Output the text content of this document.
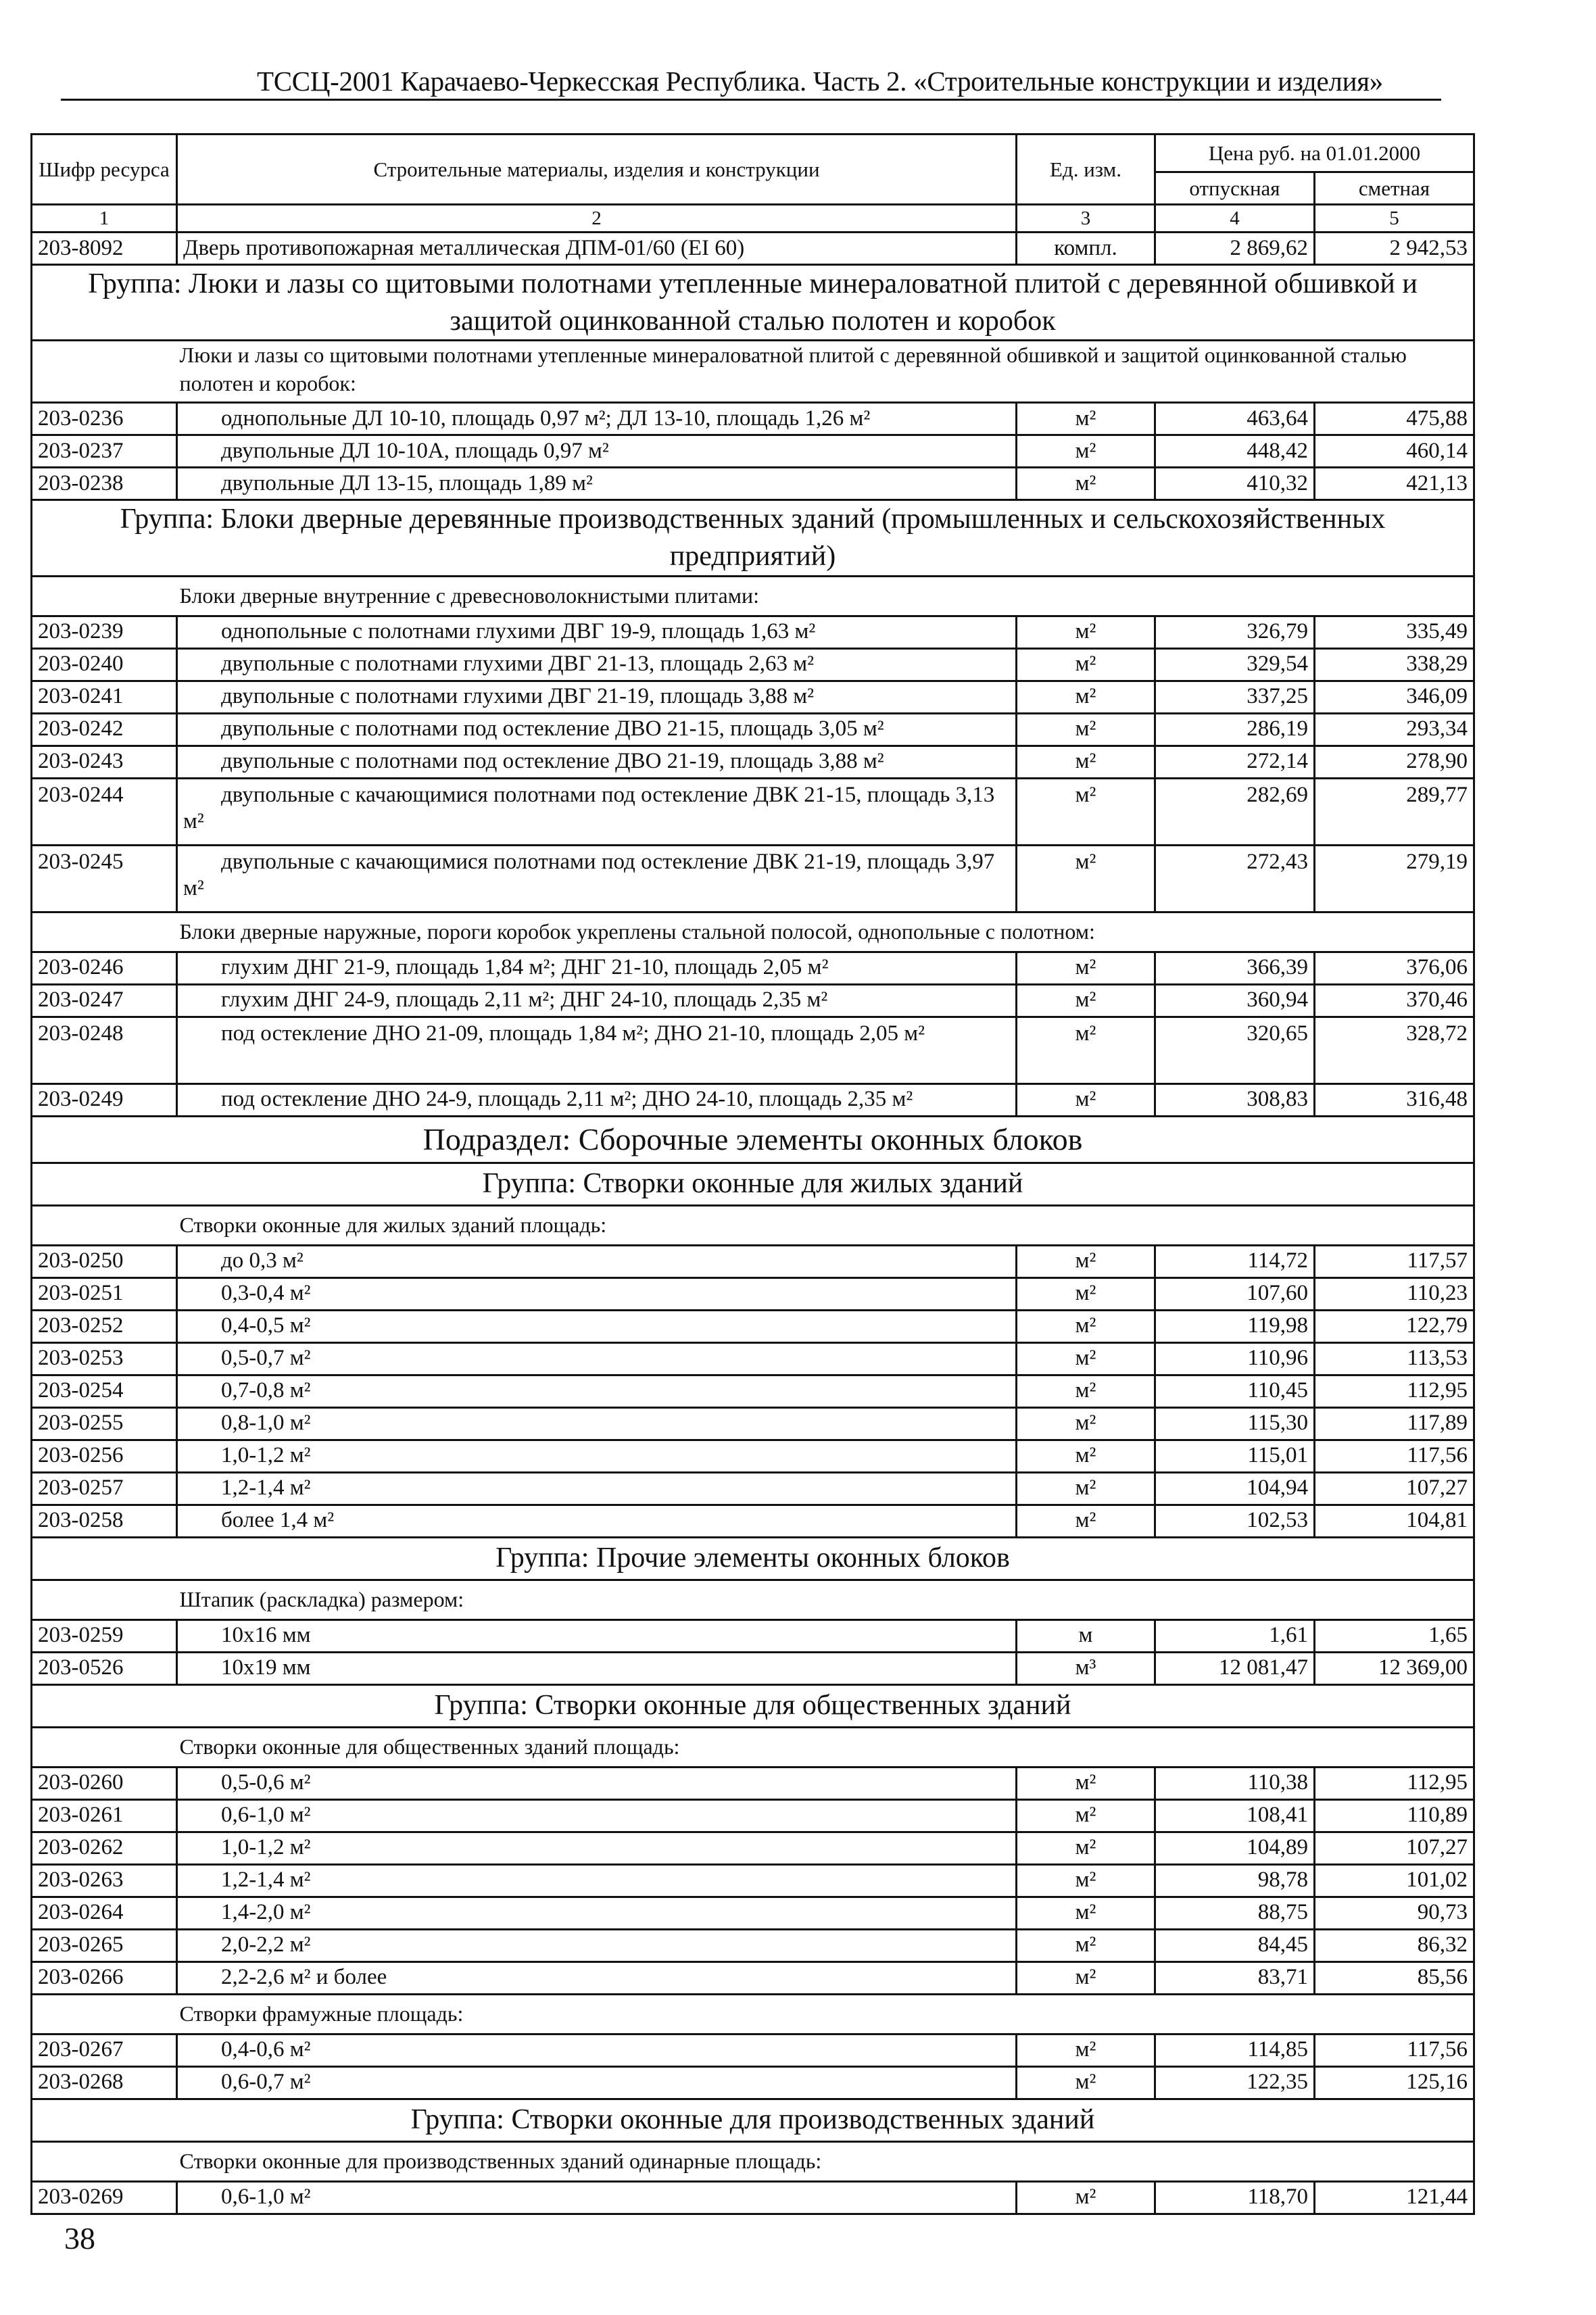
ТССЦ-2001 Карачаево-Черкесская Республика. Часть 2. «Строительные конструкции и изделия»
Шифр ресурса	Строительные материалы, изделия и конструкции	Ед. изм.	Цена руб. на 01.01.2000	
			отпускная	сметная
1	2	3	4	5
203-8092	Дверь противопожарная металлическая ДПМ-01/60 (EI 60)	компл.	2 869,62	2 942,53
Группа: Люки и лазы со щитовыми полотнами утепленные минераловатной плитой с деревянной обшивкой и защитой оцинкованной сталью полотен и коробок				
	Люки и лазы со щитовыми полотнами утепленные минераловатной плитой с деревянной обшивкой и защитой оцинкованной сталью полотен и коробок:			
203-0236	однопольные ДЛ 10-10, площадь 0,97 м²; ДЛ 13-10, площадь 1,26 м²	м²	463,64	475,88
203-0237	двупольные ДЛ 10-10А, площадь 0,97 м²	м²	448,42	460,14
203-0238	двупольные ДЛ 13-15, площадь 1,89 м²	м²	410,32	421,13
Группа: Блоки дверные деревянные производственных зданий (промышленных и сельскохозяйственных предприятий)				
	Блоки дверные внутренние с древесноволокнистыми плитами:			
203-0239	однопольные с полотнами глухими ДВГ 19-9, площадь 1,63 м²	м²	326,79	335,49
203-0240	двупольные с полотнами глухими ДВГ 21-13, площадь 2,63 м²	м²	329,54	338,29
203-0241	двупольные с полотнами глухими ДВГ 21-19, площадь 3,88 м²	м²	337,25	346,09
203-0242	двупольные с полотнами под остекление ДВО 21-15, площадь 3,05 м²	м²	286,19	293,34
203-0243	двупольные с полотнами под остекление ДВО 21-19, площадь 3,88 м²	м²	272,14	278,90
203-0244	двупольные с качающимися полотнами под остекление ДВК 21-15, площадь 3,13 м²	м²	282,69	289,77
203-0245	двупольные с качающимися полотнами под остекление ДВК 21-19, площадь 3,97 м²	м²	272,43	279,19
	Блоки дверные наружные, пороги коробок укреплены стальной полосой, однопольные с полотном:			
203-0246	глухим ДНГ 21-9, площадь 1,84 м²; ДНГ 21-10, площадь 2,05 м²	м²	366,39	376,06
203-0247	глухим ДНГ 24-9, площадь 2,11 м²; ДНГ 24-10, площадь 2,35 м²	м²	360,94	370,46
203-0248	под остекление ДНО 21-09, площадь 1,84 м²; ДНО 21-10, площадь 2,05 м²	м²	320,65	328,72
203-0249	под остекление ДНО 24-9, площадь 2,11 м²; ДНО 24-10, площадь 2,35 м²	м²	308,83	316,48
Подраздел: Сборочные элементы оконных блоков				
Группа: Створки оконные для жилых зданий				
	Створки оконные для жилых зданий площадь:			
203-0250	до 0,3 м²	м²	114,72	117,57
203-0251	0,3-0,4 м²	м²	107,60	110,23
203-0252	0,4-0,5 м²	м²	119,98	122,79
203-0253	0,5-0,7 м²	м²	110,96	113,53
203-0254	0,7-0,8 м²	м²	110,45	112,95
203-0255	0,8-1,0 м²	м²	115,30	117,89
203-0256	1,0-1,2 м²	м²	115,01	117,56
203-0257	1,2-1,4 м²	м²	104,94	107,27
203-0258	более 1,4 м²	м²	102,53	104,81
Группа: Прочие элементы оконных блоков				
	Штапик (раскладка) размером:			
203-0259	10х16 мм	м	1,61	1,65
203-0526	10х19 мм	м³	12 081,47	12 369,00
Группа: Створки оконные для общественных зданий				
	Створки оконные для общественных зданий площадь:			
203-0260	0,5-0,6 м²	м²	110,38	112,95
203-0261	0,6-1,0 м²	м²	108,41	110,89
203-0262	1,0-1,2 м²	м²	104,89	107,27
203-0263	1,2-1,4 м²	м²	98,78	101,02
203-0264	1,4-2,0 м²	м²	88,75	90,73
203-0265	2,0-2,2 м²	м²	84,45	86,32
203-0266	2,2-2,6 м² и более	м²	83,71	85,56
	Створки фрамужные площадь:			
203-0267	0,4-0,6 м²	м²	114,85	117,56
203-0268	0,6-0,7 м²	м²	122,35	125,16
Группа: Створки оконные для производственных зданий				
	Створки оконные для производственных зданий одинарные площадь:			
203-0269	0,6-1,0 м²	м²	118,70	121,44
38
